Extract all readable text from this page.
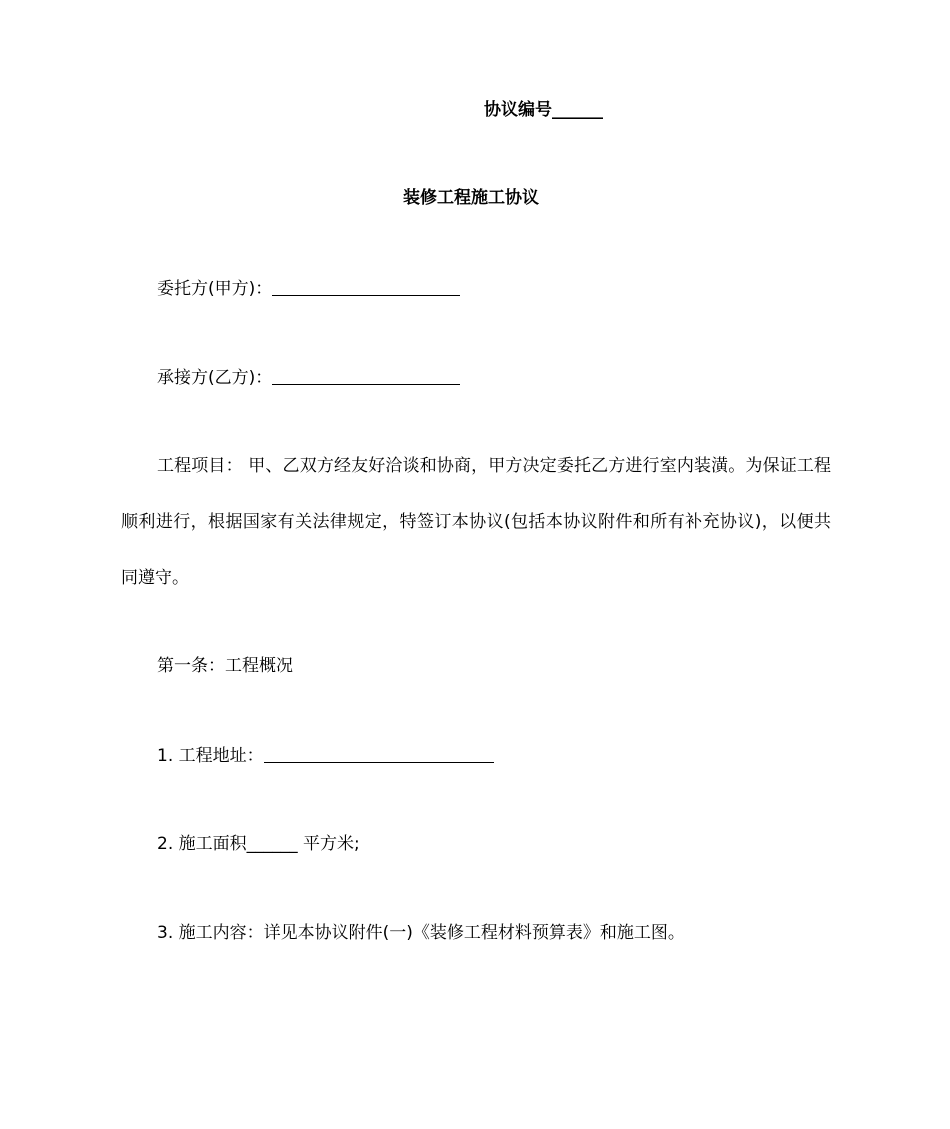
协议编号______
装修工程施工协议
委托方(甲方)：
承接方(乙方)：
工程项目： 甲、乙双方经友好洽谈和协商，甲方决定委托乙方进行室内装潢。为保证工程顺利进行，根据国家有关法律规定，特签订本协议(包括本协议附件和所有补充协议)，以便共同遵守。
第一条：工程概况
1. 工程地址：
2. 施工面积______ 平方米;
3. 施工内容：详见本协议附件(一)《装修工程材料预算表》和施工图。
